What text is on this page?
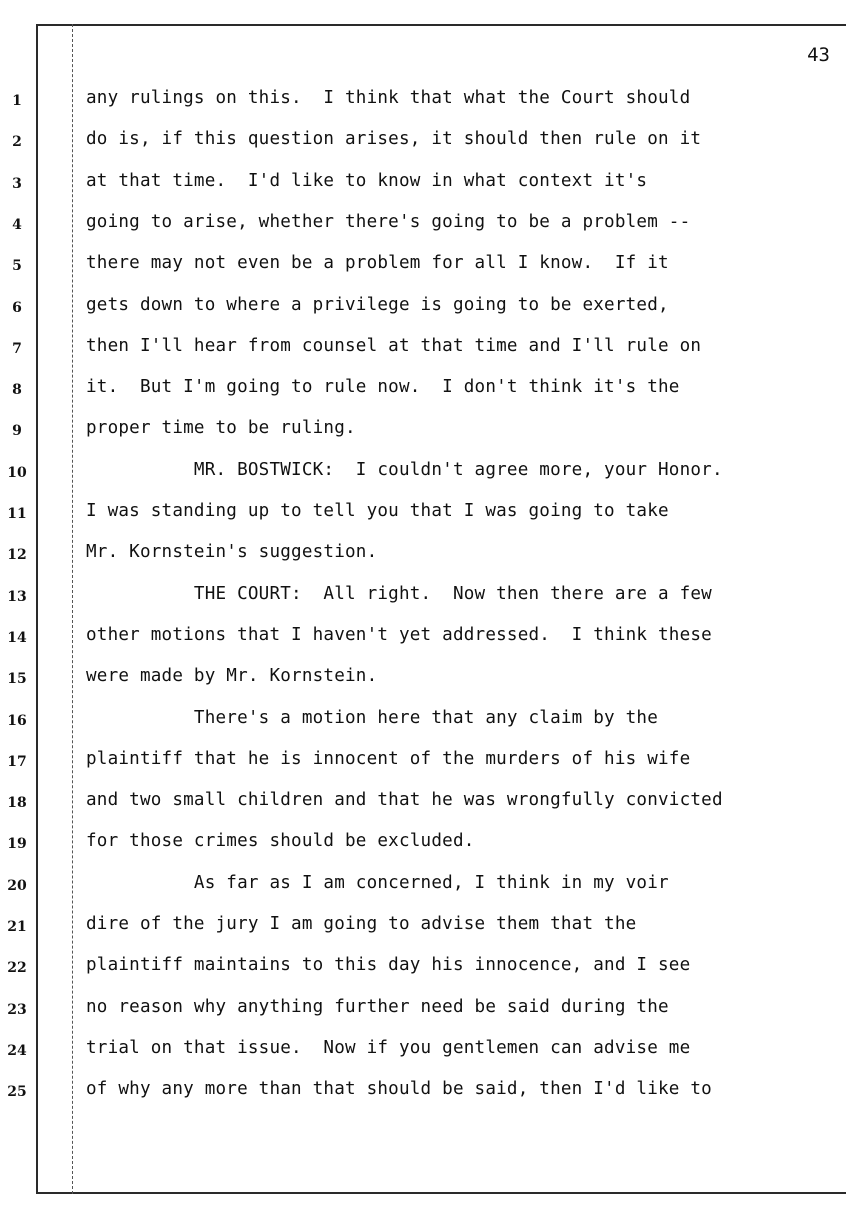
43
1	any rulings on this.  I think that what the Court should
2	do is, if this question arises, it should then rule on it
3	at that time.  I'd like to know in what context it's
4	going to arise, whether there's going to be a problem --
5	there may not even be a problem for all I know.  If it
6	gets down to where a privilege is going to be exerted,
7	then I'll hear from counsel at that time and I'll rule on
8	it.  But I'm going to rule now.  I don't think it's the
9	proper time to be ruling.
10	MR. BOSTWICK:  I couldn't agree more, your Honor.
11	I was standing up to tell you that I was going to take
12	Mr. Kornstein's suggestion.
13	THE COURT:  All right.  Now then there are a few
14	other motions that I haven't yet addressed.  I think these
15	were made by Mr. Kornstein.
16	There's a motion here that any claim by the
17	plaintiff that he is innocent of the murders of his wife
18	and two small children and that he was wrongfully convicted
19	for those crimes should be excluded.
20	As far as I am concerned, I think in my voir
21	dire of the jury I am going to advise them that the
22	plaintiff maintains to this day his innocence, and I see
23	no reason why anything further need be said during the
24	trial on that issue.  Now if you gentlemen can advise me
25	of why any more than that should be said, then I'd like to
